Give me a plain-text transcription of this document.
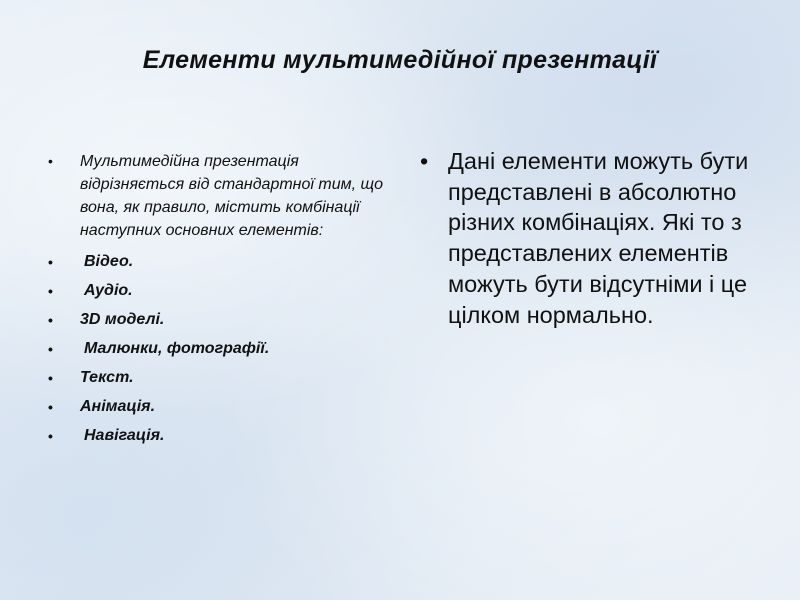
Елементи мультимедійної презентації
• Мультимедійна презентація відрізняється від стандартної тим, що вона, як правило, містить комбінації наступних основних елементів:
• Відео.
• Аудіо.
• 3D моделі.
• Малюнки, фотографії.
• Текст.
• Анімація.
• Навігація.
• Дані елементи можуть бути представлені в абсолютно різних комбінаціях. Які то з представлених елементів можуть бути відсутніми і це цілком нормально.
